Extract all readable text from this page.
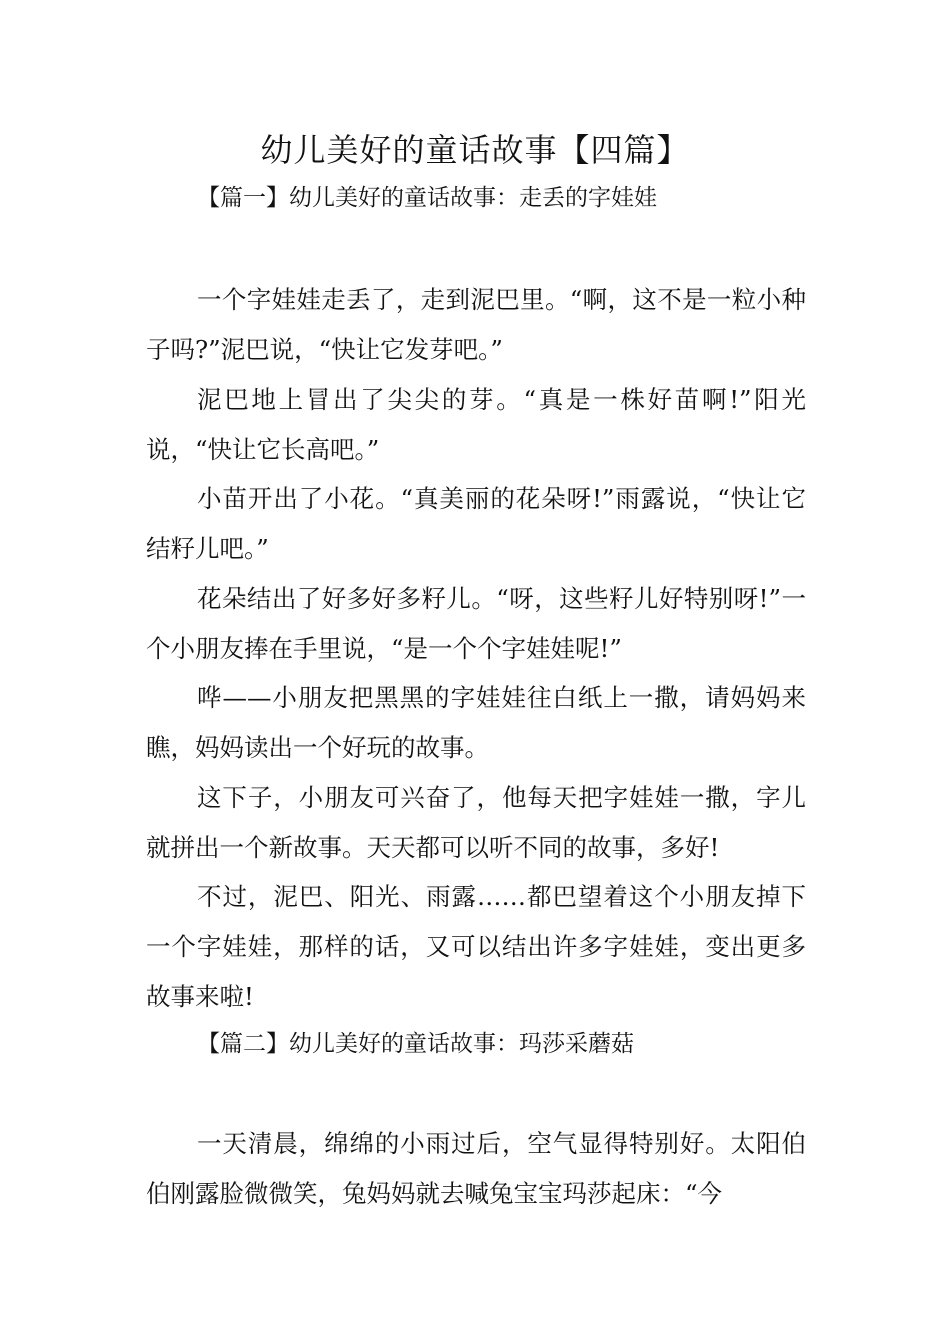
幼儿美好的童话故事【四篇】
【篇一】幼儿美好的童话故事：走丢的字娃娃

一个字娃娃走丢了，走到泥巴里。“啊，这不是一粒小种子吗?”泥巴说，“快让它发芽吧。”

泥巴地上冒出了尖尖的芽。“真是一株好苗啊!”阳光说，“快让它长高吧。”

小苗开出了小花。“真美丽的花朵呀!”雨露说，“快让它结籽儿吧。”

花朵结出了好多好多籽儿。“呀，这些籽儿好特别呀!”一个小朋友捧在手里说，“是一个个字娃娃呢!”

哗——小朋友把黑黑的字娃娃往白纸上一撒，请妈妈来瞧，妈妈读出一个好玩的故事。

这下子，小朋友可兴奋了，他每天把字娃娃一撒，字儿就拼出一个新故事。天天都可以听不同的故事，多好!

不过，泥巴、阳光、雨露……都巴望着这个小朋友掉下一个字娃娃，那样的话，又可以结出许多字娃娃，变出更多故事来啦!

【篇二】幼儿美好的童话故事：玛莎采蘑菇

一天清晨，绵绵的小雨过后，空气显得特别好。太阳伯伯刚露脸微微笑，兔妈妈就去喊兔宝宝玛莎起床：“今
